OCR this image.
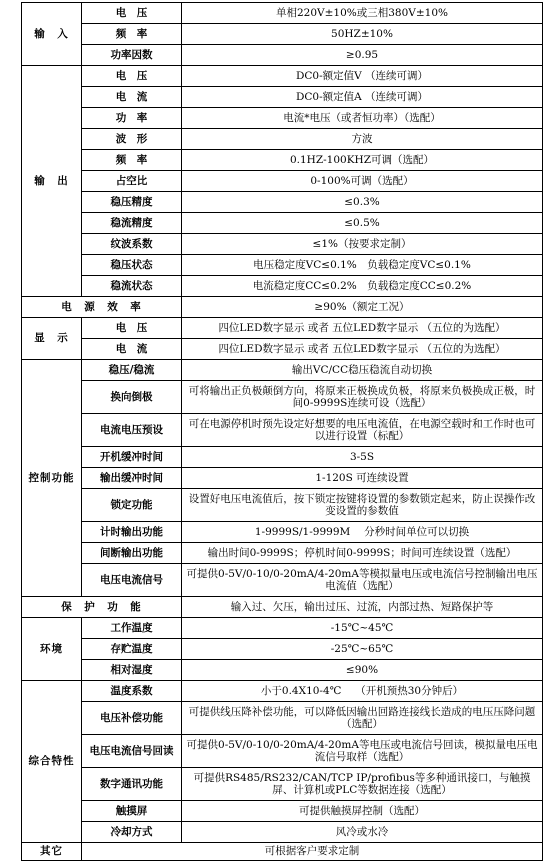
输　入	电　压	单相220V±10%或三相380V±10%
	频　率	50HZ±10%
	功率因数	≥0.95
输　出	电　压	DC0-额定值V （连续可调）
	电　流	DC0-额定值A （连续可调）
	功　率	电流*电压（或者恒功率）（选配）
	波　形	方波
	频　率	0.1HZ-100KHZ可调（选配）
	占空比	0-100%可调（选配）
	稳压精度	≤0.3%
	稳流精度	≤0.5%
	纹波系数	≤1%（按要求定制）
	稳压状态	电压稳定度VC≤0.1%　负载稳定度VC≤0.1%
	稳流状态	电流稳定度CC≤0.2%　负载稳定度CC≤0.2%
电　源　效　率		≥90%（额定工况）
显　示	电　压	四位LED数字显示 或者 五位LED数字显示 （五位的为选配）
	电　流	四位LED数字显示 或者 五位LED数字显示 （五位的为选配）
控制功能	稳压/稳流	输出VC/CC稳压稳流自动切换
	换向倒极	可将输出正负极颠倒方向，将原来正极换成负极，将原来负极换成正极，时间0-9999S连续可设（选配）
	电流电压预设	可在电源停机时预先设定好想要的电压电流值，在电源空载时和工作时也可以进行设置（标配）
	开机缓冲时间	3-5S
	输出缓冲时间	1-120S 可连续设置
	锁定功能	设置好电压电流值后，按下锁定按键将设置的参数锁定起来，防止误操作改变设置的参数值
	计时输出功能	1-9999S/1-9999M　 分秒时间单位可以切换
	间断输出功能	输出时间0-9999S；停机时间0-9999S；时间可连续设置（选配）
	电压电流信号	可提供0-5V/0-10/0-20mA/4-20mA等模拟量电压或电流信号控制输出电压电流值（选配）
保　护　功　能		输入过、欠压，输出过压、过流，内部过热、短路保护等
环境	工作温度	-15℃~45℃
	存贮温度	-25℃~65℃
	相对湿度	≤90%
综合特性	温度系数	小于0.4X10-4℃　 （开机预热30分钟后）
	电压补偿功能	可提供线压降补偿功能，可以降低因输出回路连接线长造成的电压压降问题（选配）
	电压电流信号回读	可提供0-5V/0-10/0-20mA/4-20mA等电压或电流信号回读，模拟量电压电流信号取样（选配）
	数字通讯功能	可提供RS485/RS232/CAN/TCP IP/profibus等多种通讯接口，与触摸屏、计算机或PLC等数据连接（选配）
	触摸屏	可提供触摸屏控制（选配）
	冷却方式	风冷或水冷
其它	可根据客户要求定制	
